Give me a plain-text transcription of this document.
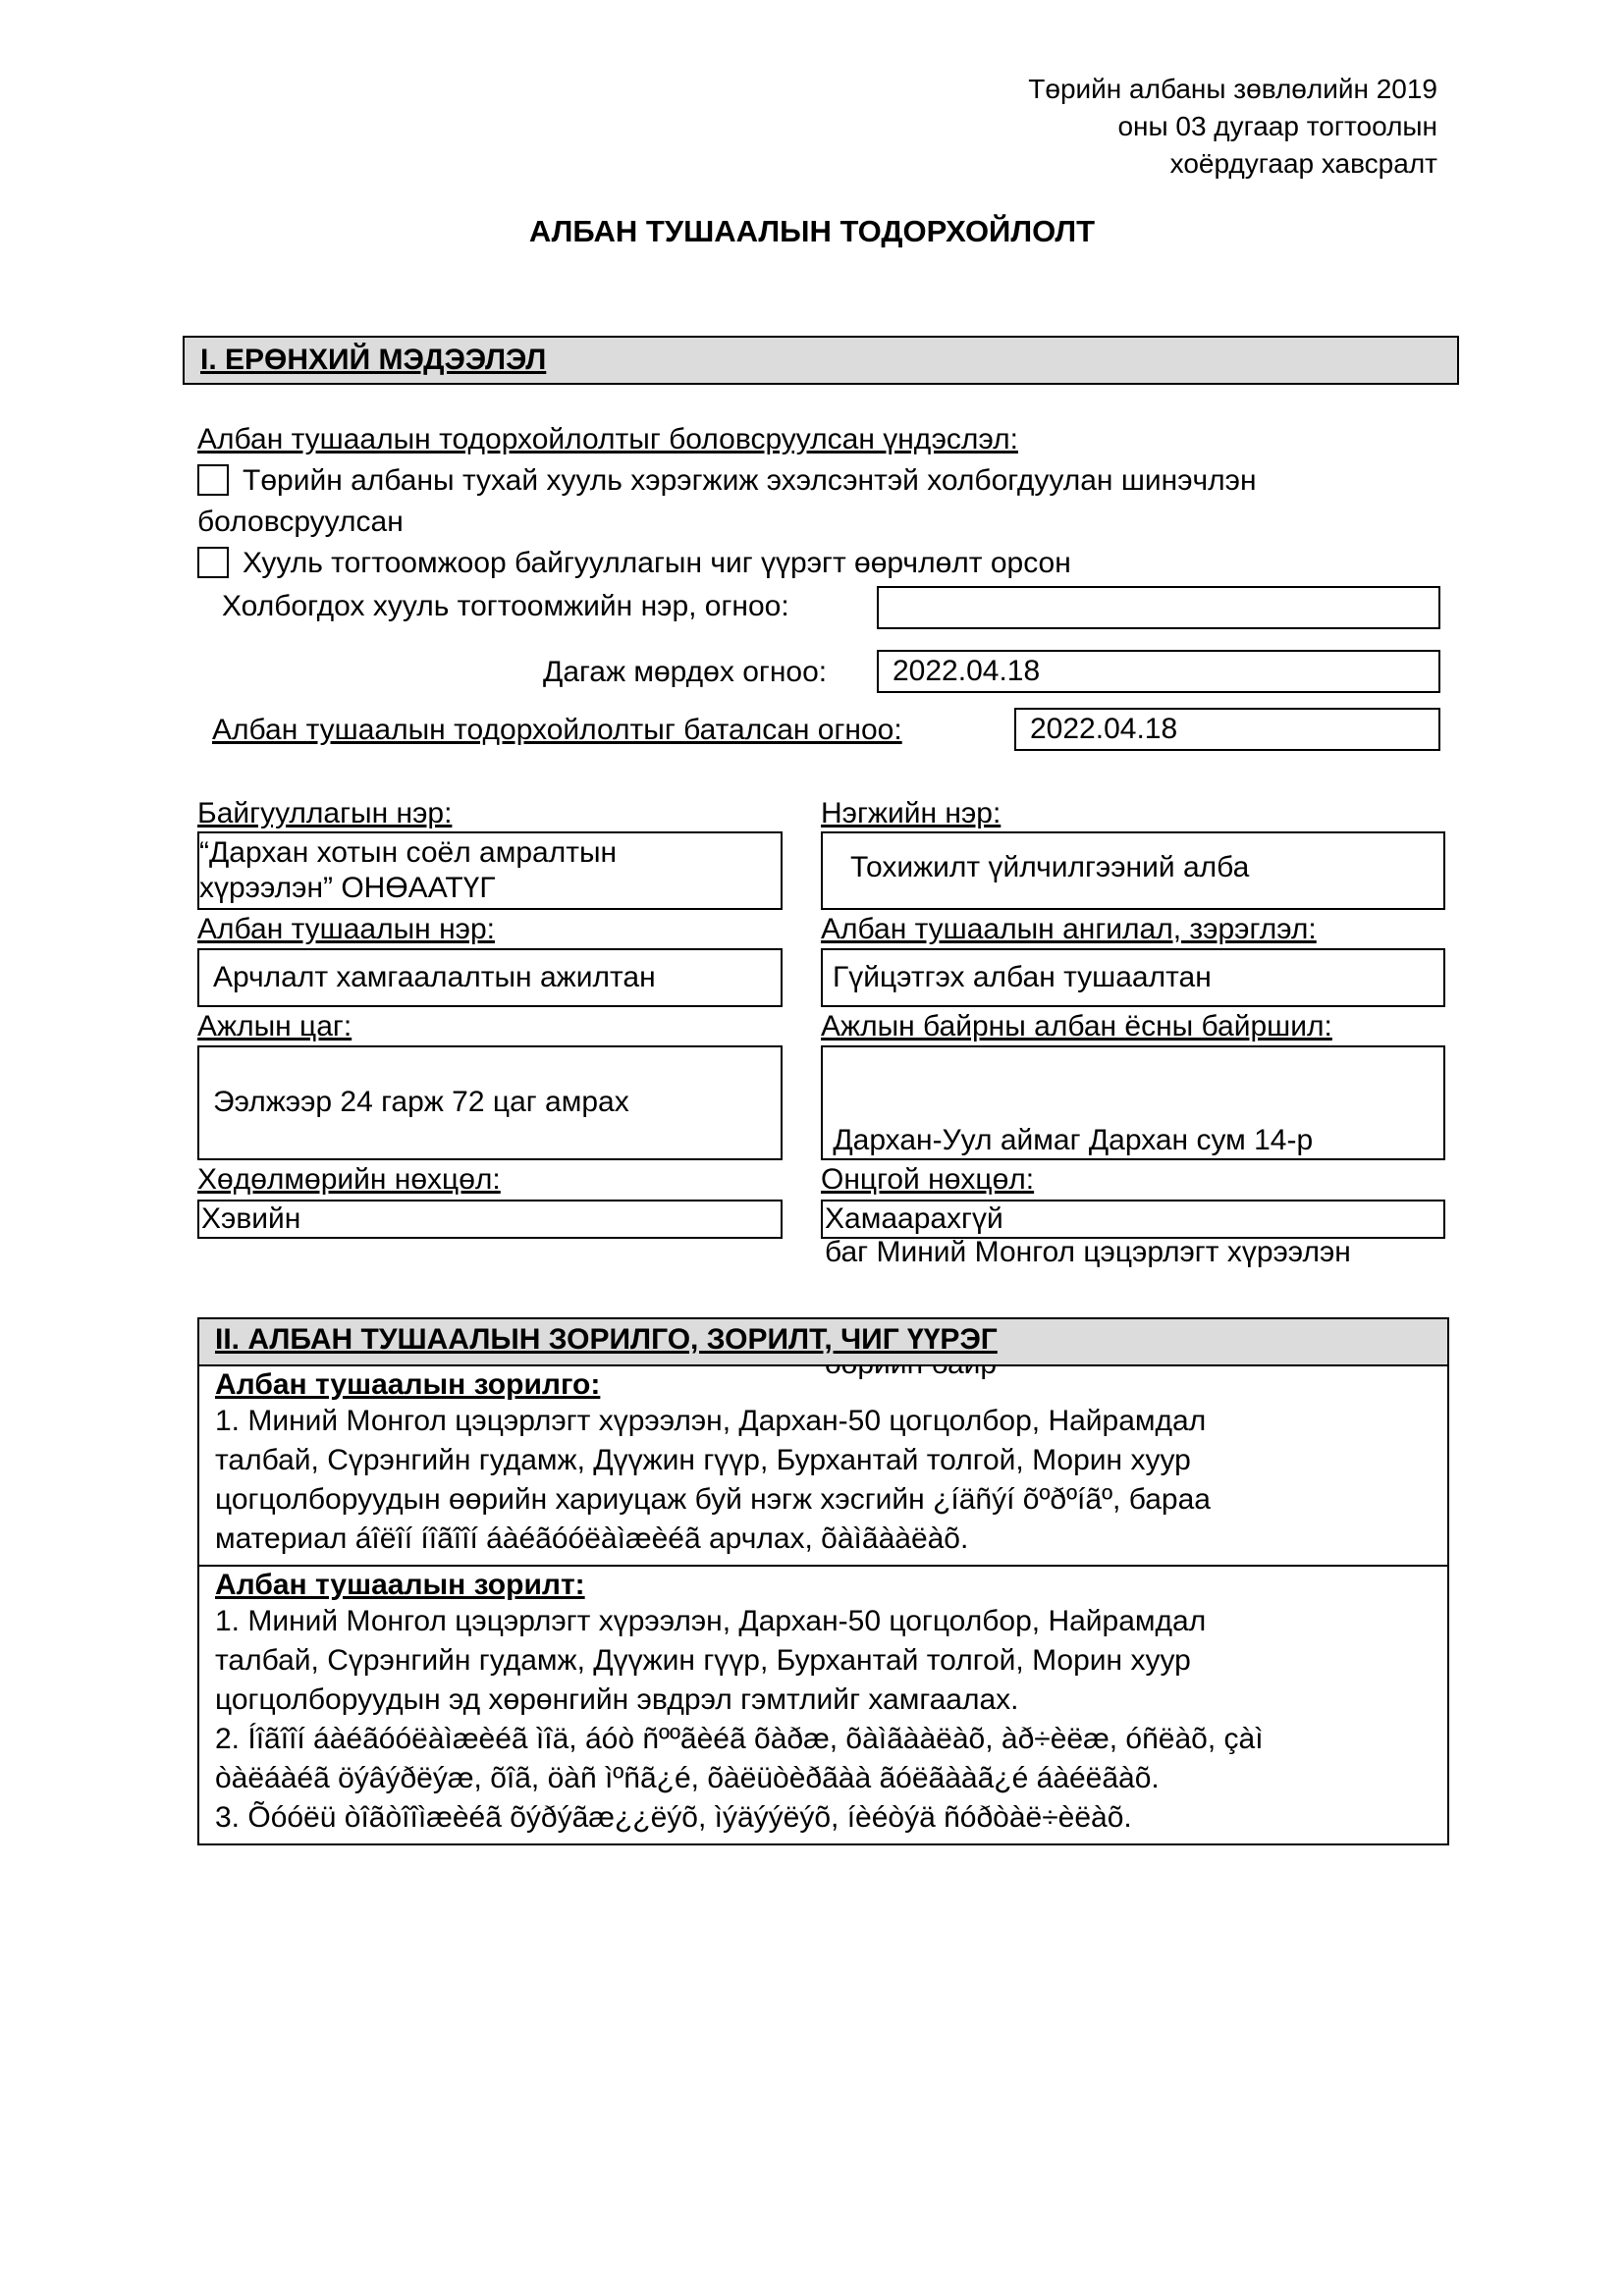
Төрийн албаны зөвлөлийн 2019
оны 03 дугаар тогтоолын
хоёрдугаар хавсралт
АЛБАН ТУШААЛЫН ТОДОРХОЙЛОЛТ
I. ЕРӨНХИЙ МЭДЭЭЛЭЛ
Албан тушаалын тодорхойлолтыг боловсруулсан үндэслэл:
Төрийн албаны тухай хууль хэрэгжиж эхэлсэнтэй холбогдуулан шинэчлэн
боловсруулсан
Хууль тогтоомжоор байгууллагын чиг үүрэгт өөрчлөлт орсон
Холбогдох хууль тогтоомжийн нэр, огноо:
Дагаж мөрдөх огноо:	2022.04.18
Албан тушаалын тодорхойлолтыг баталсан огноо:	2022.04.18
Байгууллагын нэр:
“Дархан хотын соёл амралтын
хүрээлэн” ОНӨААТҮГ
Нэгжийн нэр:
Тохижилт үйлчилгээний алба
Албан тушаалын нэр:
Арчлалт хамгаалалтын ажилтан
Албан тушаалын ангилал, зэрэглэл:
Гүйцэтгэх албан тушаалтан
Ажлын цаг:
Ээлжээр 24 гарж 72 цаг амрах
Ажлын байрны албан ёсны байршил:

Дархан-Уул аймаг Дархан сум 14-р

баг Миний Монгол цэцэрлэгт хүрээлэн

Хөдөлмөрийн нөхцөл:
Хэвийн
Онцгой нөхцөл:
Хамаарахгүй
II. АЛБАН ТУШААЛЫН ЗОРИЛГО, ЗОРИЛТ, ЧИГ ҮҮРЭГ
Албан тушаалын зорилго:

1. Миний Монгол цэцэрлэгт хүрээлэн, Дархан-50 цогцолбор, Найрамдал

талбай, Сүрэнгийн гудамж, Дүүжин гүүр, Бурхантай толгой, Морин хуур

цогцолборуудын өөрийн хариуцаж буй нэгж хэсгийн ¿íäñýí õºðºíãº, бараа

материал áîëîí íîãîîí áàéãóóëàìæèéã арчлах, õàìãààëàõ.

Албан тушаалын зорилт:

1. Миний Монгол цэцэрлэгт хүрээлэн, Дархан-50 цогцолбор, Найрамдал

талбай, Сүрэнгийн гудамж, Дүүжин гүүр, Бурхантай толгой, Морин хуур

цогцолборуудын эд хөрөнгийн эвдрэл гэмтлийг хамгаалах.

2. Íîãîîí áàéãóóëàìæèéã ìîä, áóò ñººãèéã õàðæ, õàìãààëàõ, àð÷èëæ, óñëàõ, çàì

òàëáàéã öýâýðëýæ, õîã, öàñ ìºñã¿é, õàëüòèðãàà ãóëãààã¿é áàéëãàõ.

3. Õóóëü òîãòîîìæèéã õýðýãæ¿¿ëýõ, ìýäýýëýõ, íèéòýä ñóðòàë÷èëàõ.
